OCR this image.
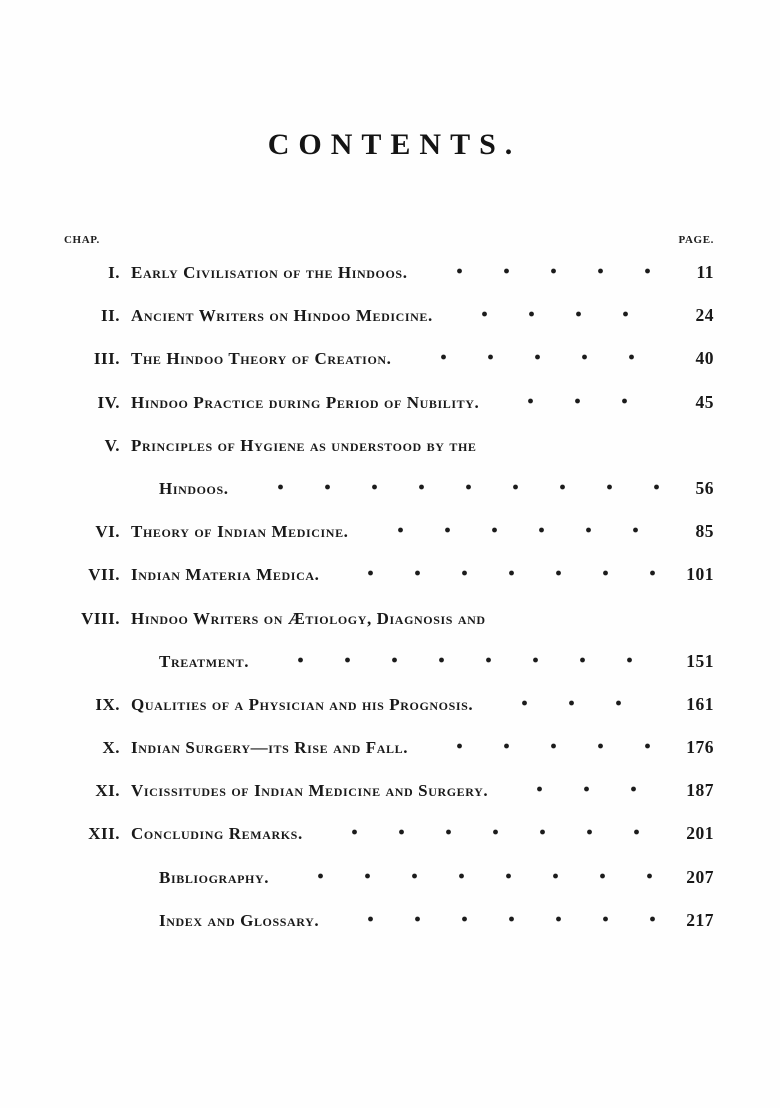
CONTENTS.
CHAP.	PAGE.
I. Early Civilisation of the Hindoos.	11
II. Ancient Writers on Hindoo Medicine.	24
III. The Hindoo Theory of Creation.	40
IV. Hindoo Practice during Period of Nubility.	45
V. Principles of Hygiene as understood by the
Hindoos.	56
VI. Theory of Indian Medicine.	85
VII. Indian Materia Medica.	101
VIII. Hindoo Writers on Ætiology, Diagnosis and
Treatment.	151
IX. Qualities of a Physician and his Prognosis.	161
X. Indian Surgery—its Rise and Fall.	176
XI. Vicissitudes of Indian Medicine and Surgery.	187
XII. Concluding Remarks.	201
Bibliography.	207
Index and Glossary.	217
